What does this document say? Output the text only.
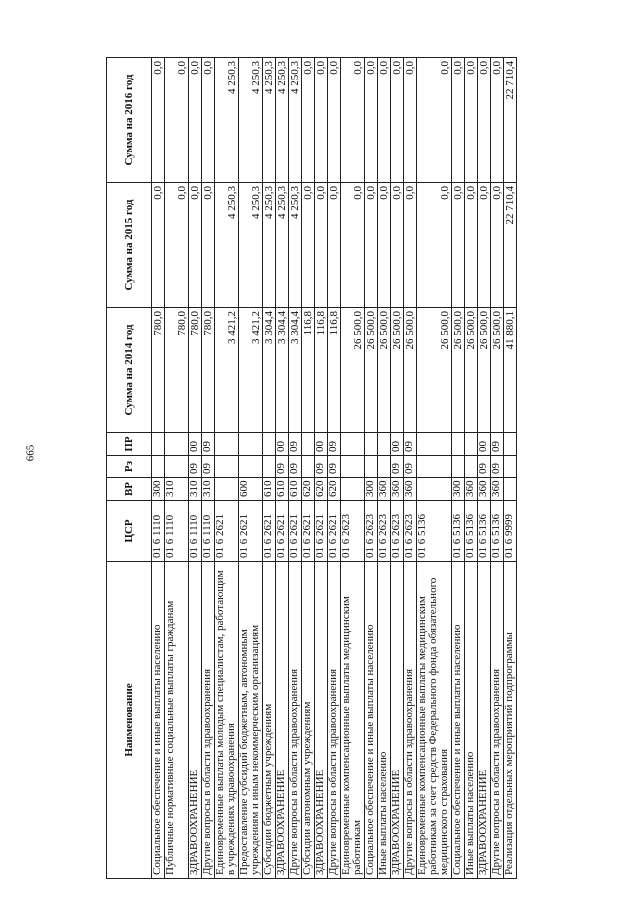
665
Наименование	ЦСР	ВР	Рз	ПР	Сумма на 2014 год	Сумма на 2015 год	Сумма на 2016 год
Социальное обеспечение и иные выплаты населению	01 6 1110	300			780,0	0,0	0,0
Публичные нормативные социальные выплаты гражданам	01 6 1110	310			780,0	0,0	0,0
ЗДРАВООХРАНЕНИЕ	01 6 1110	310	09	00	780,0	0,0	0,0
Другие вопросы в области здравоохранения	01 6 1110	310	09	09	780,0	0,0	0,0
Единовременные выплаты молодым специалистам, работающим в учреждениях здравоохранения	01 6 2621				3 421,2	4 250,3	4 250,3
Предоставление субсидий бюджетным, автономным учреждениям и иным некоммерческим организациям	01 6 2621	600			3 421,2	4 250,3	4 250,3
Субсидии бюджетным учреждениям	01 6 2621	610			3 304,4	4 250,3	4 250,3
ЗДРАВООХРАНЕНИЕ	01 6 2621	610	09	00	3 304,4	4 250,3	4 250,3
Другие вопросы в области здравоохранения	01 6 2621	610	09	09	3 304,4	4 250,3	4 250,3
Субсидии автономным учреждениям	01 6 2621	620			116,8	0,0	0,0
ЗДРАВООХРАНЕНИЕ	01 6 2621	620	09	00	116,8	0,0	0,0
Другие вопросы в области здравоохранения	01 6 2621	620	09	09	116,8	0,0	0,0
Единовременные компенсационные выплаты медицинским работникам	01 6 2623				26 500,0	0,0	0,0
Социальное обеспечение и иные выплаты населению	01 6 2623	300			26 500,0	0,0	0,0
Иные выплаты населению	01 6 2623	360			26 500,0	0,0	0,0
ЗДРАВООХРАНЕНИЕ	01 6 2623	360	09	00	26 500,0	0,0	0,0
Другие вопросы в области здравоохранения	01 6 2623	360	09	09	26 500,0	0,0	0,0
Единовременные компенсационные выплаты медицинским работникам за счет средств Федерального фонда обязательного медицинского страхования	01 6 5136				26 500,0	0,0	0,0
Социальное обеспечение и иные выплаты населению	01 6 5136	300			26 500,0	0,0	0,0
Иные выплаты населению	01 6 5136	360			26 500,0	0,0	0,0
ЗДРАВООХРАНЕНИЕ	01 6 5136	360	09	00	26 500,0	0,0	0,0
Другие вопросы в области здравоохранения	01 6 5136	360	09	09	26 500,0	0,0	0,0
Реализация отдельных мероприятий подпрограммы	01 6 9999				41 880,1	22 710,4	22 710,4
